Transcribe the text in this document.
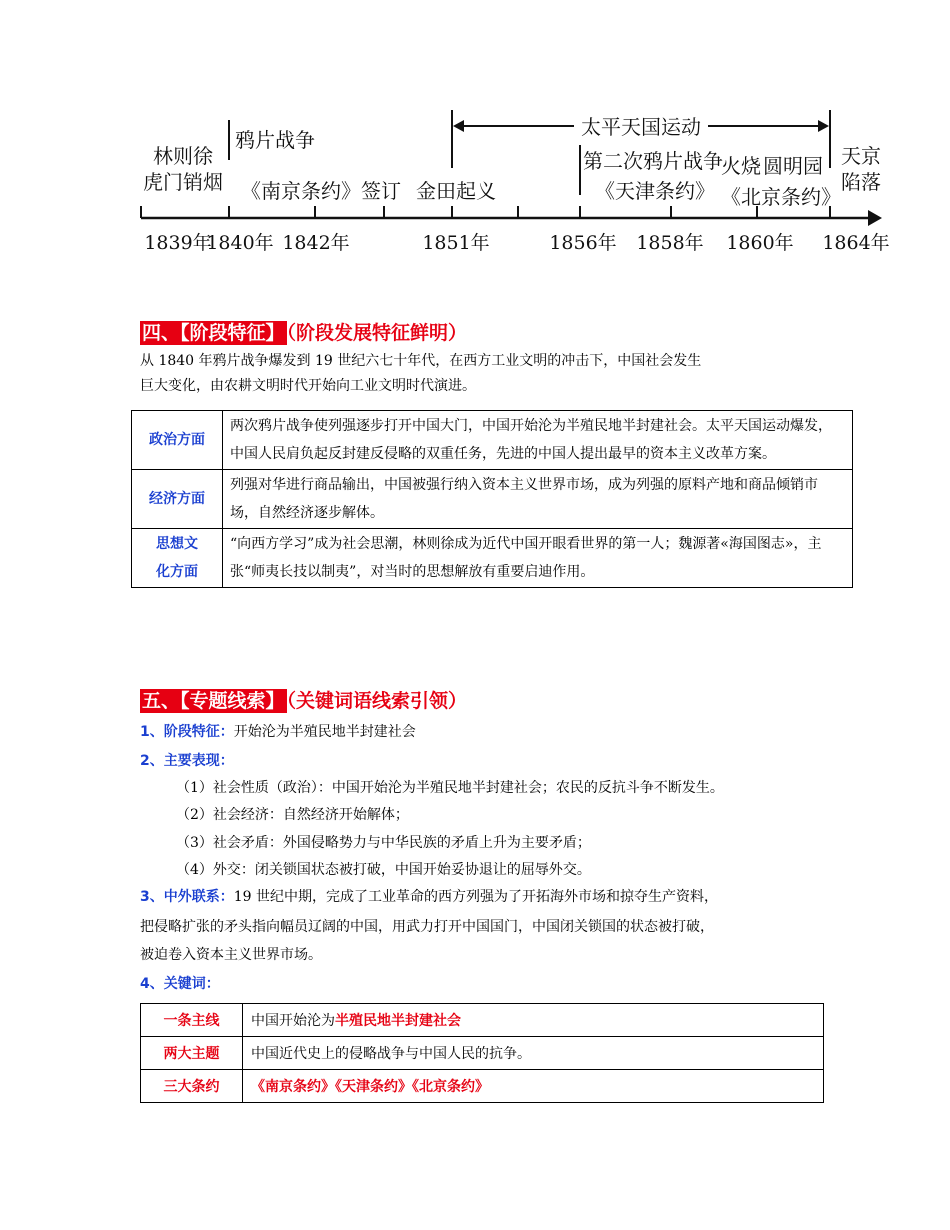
林则徐
虎门销烟
鸦片战争
《南京条约》签订 金田起义
太平天国运动
第二次鸦片战争
《天津条约》
火烧 圆明园
《北京条约》
天京
陷落
1839年
1840年 1842年	1851年	1856年 1858年 1860年 1864年
四、【阶段特征】 （阶段发展特征鲜明）
从 1840 年鸦片战争爆发到 19 世纪六七十年代，在西方工业文明的冲击下，中国社会发生
巨大变化，由农耕文明时代开始向工业文明时代演进。
政治方面	两次鸦片战争使列强逐步打开中国大门，中国开始沦为半殖民地半封建社会。太平天国运动爆发，中国人民肩负起反封建反侵略的双重任务，先进的中国人提出最早的资本主义改革方案。
经济方面	列强对华进行商品输出，中国被强行纳入资本主义世界市场，成为列强的原料产地和商品倾销市场，自然经济逐步解体。
思想文
化方面	“向西方学习”成为社会思潮，林则徐成为近代中国开眼看世界的第一人；魏源著«海国图志»，主张“师夷长技以制夷”，对当时的思想解放有重要启迪作用。
五、【专题线索】 （关键词语线索引领）
1、阶段特征：开始沦为半殖民地半封建社会
2、主要表现：
（1）社会性质（政治）：中国开始沦为半殖民地半封建社会；农民的反抗斗争不断发生。
（2）社会经济：自然经济开始解体；
（3）社会矛盾：外国侵略势力与中华民族的矛盾上升为主要矛盾；
（4）外交：闭关锁国状态被打破，中国开始妥协退让的屈辱外交。
3、中外联系：19 世纪中期，完成了工业革命的西方列强为了开拓海外市场和掠夺生产资料，
把侵略扩张的矛头指向幅员辽阔的中国，用武力打开中国国门，中国闭关锁国的状态被打破，
被迫卷入资本主义世界市场。
4、关键词：
一条主线	中国开始沦为半殖民地半封建社会
两大主题	中国近代史上的侵略战争与中国人民的抗争。
三大条约	《南京条约》《天津条约》《北京条约》
